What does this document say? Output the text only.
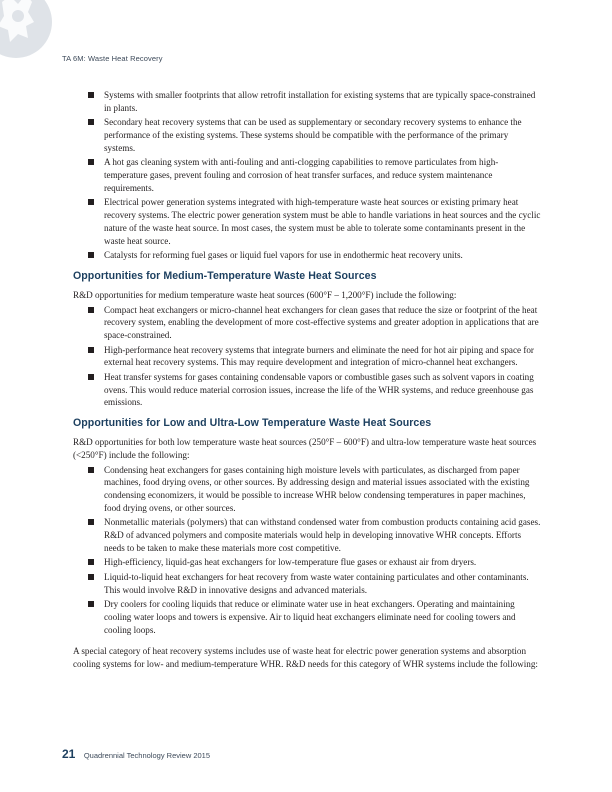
TA 6M: Waste Heat Recovery
Systems with smaller footprints that allow retrofit installation for existing systems that are typically space-constrained in plants.
Secondary heat recovery systems that can be used as supplementary or secondary recovery systems to enhance the performance of the existing systems. These systems should be compatible with the performance of the primary systems.
A hot gas cleaning system with anti-fouling and anti-clogging capabilities to remove particulates from high-temperature gases, prevent fouling and corrosion of heat transfer surfaces, and reduce system maintenance requirements.
Electrical power generation systems integrated with high-temperature waste heat sources or existing primary heat recovery systems. The electric power generation system must be able to handle variations in heat sources and the cyclic nature of the waste heat source. In most cases, the system must be able to tolerate some contaminants present in the waste heat source.
Catalysts for reforming fuel gases or liquid fuel vapors for use in endothermic heat recovery units.
Opportunities for Medium-Temperature Waste Heat Sources

R&D opportunities for medium temperature waste heat sources (600°F – 1,200°F) include the following:

Compact heat exchangers or micro-channel heat exchangers for clean gases that reduce the size or footprint of the heat recovery system, enabling the development of more cost-effective systems and greater adoption in applications that are space-constrained.
High-performance heat recovery systems that integrate burners and eliminate the need for hot air piping and space for external heat recovery systems. This may require development and integration of micro-channel heat exchangers.
Heat transfer systems for gases containing condensable vapors or combustible gases such as solvent vapors in coating ovens. This would reduce material corrosion issues, increase the life of the WHR systems, and reduce greenhouse gas emissions.
Opportunities for Low and Ultra-Low Temperature Waste Heat Sources

R&D opportunities for both low temperature waste heat sources (250°F – 600°F) and ultra-low temperature waste heat sources (<250°F) include the following:

Condensing heat exchangers for gases containing high moisture levels with particulates, as discharged from paper machines, food drying ovens, or other sources. By addressing design and material issues associated with the existing condensing economizers, it would be possible to increase WHR below condensing temperatures in paper machines, food drying ovens, or other sources.
Nonmetallic materials (polymers) that can withstand condensed water from combustion products containing acid gases. R&D of advanced polymers and composite materials would help in developing innovative WHR concepts. Efforts needs to be taken to make these materials more cost competitive.
High-efficiency, liquid-gas heat exchangers for low-temperature flue gases or exhaust air from dryers.
Liquid-to-liquid heat exchangers for heat recovery from waste water containing particulates and other contaminants. This would involve R&D in innovative designs and advanced materials.
Dry coolers for cooling liquids that reduce or eliminate water use in heat exchangers. Operating and maintaining cooling water loops and towers is expensive. Air to liquid heat exchangers eliminate need for cooling towers and cooling loops.

A special category of heat recovery systems includes use of waste heat for electric power generation systems and absorption cooling systems for low- and medium-temperature WHR. R&D needs for this category of WHR systems include the following:

21 Quadrennial Technology Review 2015
